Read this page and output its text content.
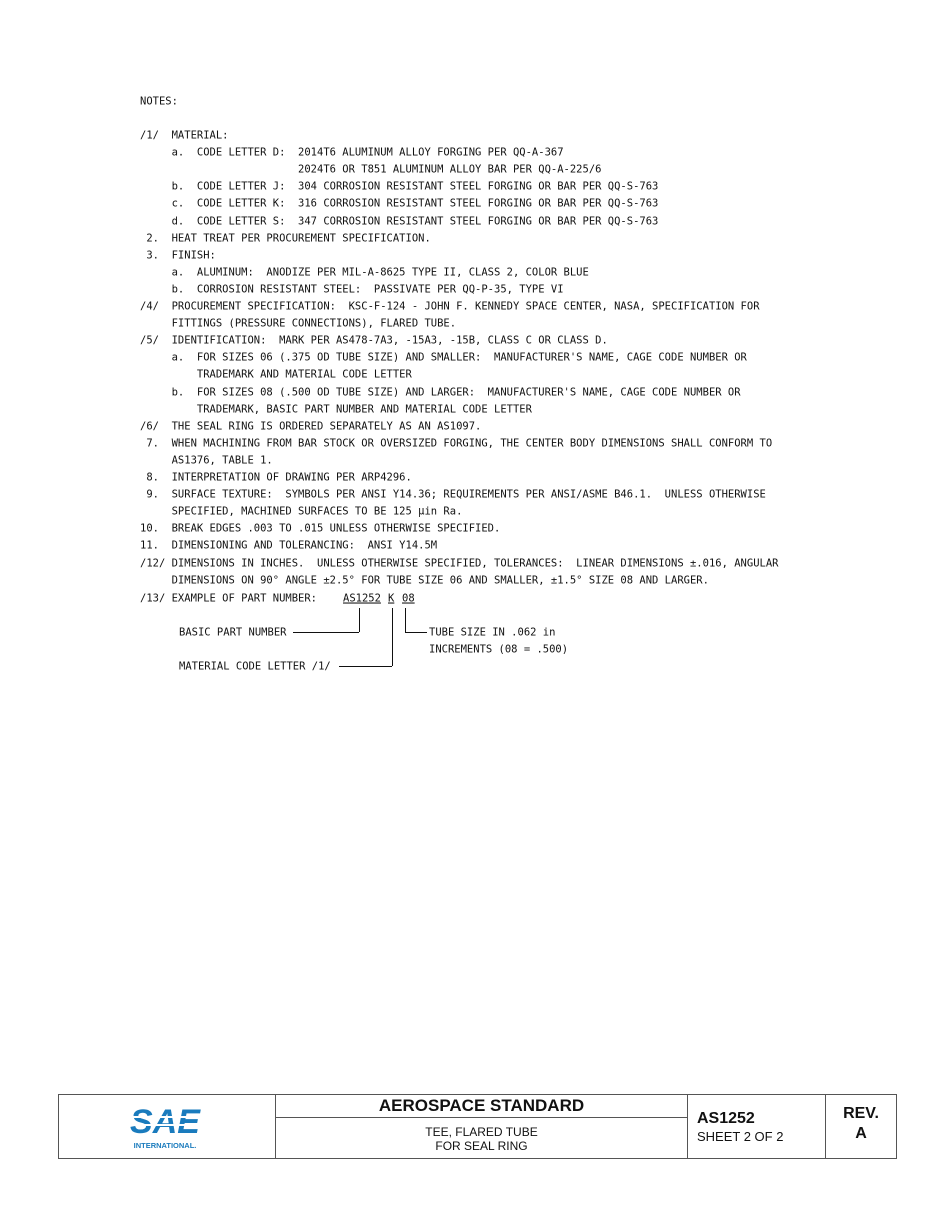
NOTES:
/1/  MATERIAL:
a.  CODE LETTER D:  2014T6 ALUMINUM ALLOY FORGING PER QQ-A-367
2024T6 OR T851 ALUMINUM ALLOY BAR PER QQ-A-225/6
b.  CODE LETTER J:  304 CORROSION RESISTANT STEEL FORGING OR BAR PER QQ-S-763
c.  CODE LETTER K:  316 CORROSION RESISTANT STEEL FORGING OR BAR PER QQ-S-763
d.  CODE LETTER S:  347 CORROSION RESISTANT STEEL FORGING OR BAR PER QQ-S-763
2.  HEAT TREAT PER PROCUREMENT SPECIFICATION.
3.  FINISH:
a.  ALUMINUM:  ANODIZE PER MIL-A-8625 TYPE II, CLASS 2, COLOR BLUE
b.  CORROSION RESISTANT STEEL:  PASSIVATE PER QQ-P-35, TYPE VI
/4/  PROCUREMENT SPECIFICATION:  KSC-F-124 - JOHN F. KENNEDY SPACE CENTER, NASA, SPECIFICATION FOR
FITTINGS (PRESSURE CONNECTIONS), FLARED TUBE.
/5/  IDENTIFICATION:  MARK PER AS478-7A3, -15A3, -15B, CLASS C OR CLASS D.
a.  FOR SIZES 06 (.375 OD TUBE SIZE) AND SMALLER:  MANUFACTURER'S NAME, CAGE CODE NUMBER OR
TRADEMARK AND MATERIAL CODE LETTER
b.  FOR SIZES 08 (.500 OD TUBE SIZE) AND LARGER:  MANUFACTURER'S NAME, CAGE CODE NUMBER OR
TRADEMARK, BASIC PART NUMBER AND MATERIAL CODE LETTER
/6/  THE SEAL RING IS ORDERED SEPARATELY AS AN AS1097.
7.  WHEN MACHINING FROM BAR STOCK OR OVERSIZED FORGING, THE CENTER BODY DIMENSIONS SHALL CONFORM TO
AS1376, TABLE 1.
8.  INTERPRETATION OF DRAWING PER ARP4296.
9.  SURFACE TEXTURE:  SYMBOLS PER ANSI Y14.36; REQUIREMENTS PER ANSI/ASME B46.1.  UNLESS OTHERWISE
SPECIFIED, MACHINED SURFACES TO BE 125 μin Ra.
10.  BREAK EDGES .003 TO .015 UNLESS OTHERWISE SPECIFIED.
11.  DIMENSIONING AND TOLERANCING:  ANSI Y14.5M
/12/ DIMENSIONS IN INCHES.  UNLESS OTHERWISE SPECIFIED, TOLERANCES:  LINEAR DIMENSIONS ±.016, ANGULAR
DIMENSIONS ON 90° ANGLE ±2.5° FOR TUBE SIZE 06 AND SMALLER, ±1.5° SIZE 08 AND LARGER.
/13/ EXAMPLE OF PART NUMBER: AS1252 K 08
BASIC PART NUMBER	TUBE SIZE IN .062 in
INCREMENTS (08 = .500)
MATERIAL CODE LETTER /1/
SAE
INTERNATIONAL.
AEROSPACE STANDARD
TEE, FLARED TUBE
FOR SEAL RING
AS1252
SHEET 2 OF 2
REV.
A
